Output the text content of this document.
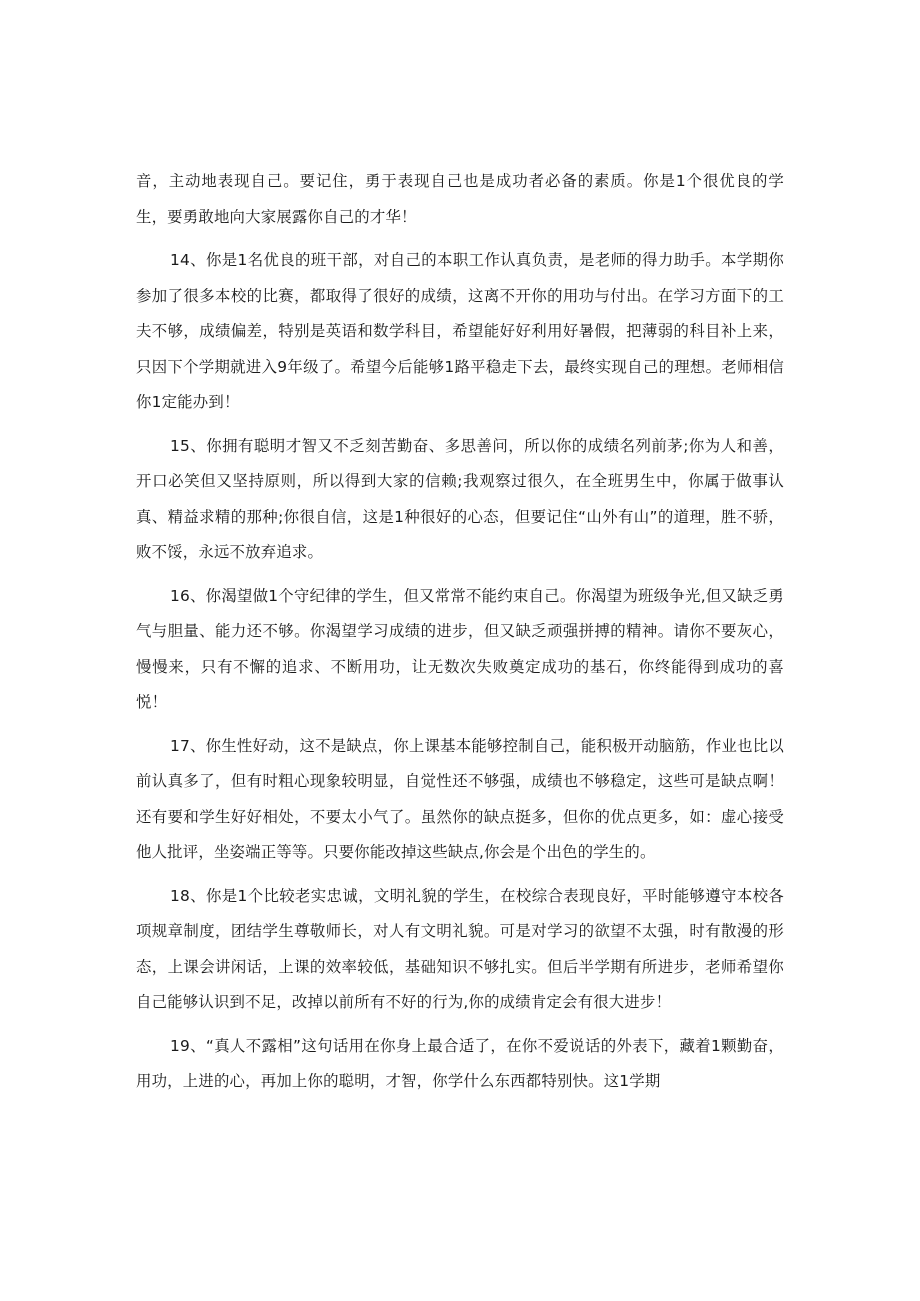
音，主动地表现自己。要记住，勇于表现自己也是成功者必备的素质。你是1个很优良的学生，要勇敢地向大家展露你自己的才华！

14、你是1名优良的班干部，对自己的本职工作认真负责，是老师的得力助手。本学期你参加了很多本校的比赛，都取得了很好的成绩，这离不开你的用功与付出。在学习方面下的工夫不够，成绩偏差，特别是英语和数学科目，希望能好好利用好暑假，把薄弱的科目补上来，只因下个学期就进入9年级了。希望今后能够1路平稳走下去，最终实现自己的理想。老师相信你1定能办到！

15、你拥有聪明才智又不乏刻苦勤奋、多思善问，所以你的成绩名列前茅;你为人和善，开口必笑但又坚持原则，所以得到大家的信赖;我观察过很久，在全班男生中，你属于做事认真、精益求精的那种;你很自信，这是1种很好的心态，但要记住“山外有山”的道理，胜不骄，败不馁，永远不放弃追求。

16、你渴望做1个守纪律的学生，但又常常不能约束自己。你渴望为班级争光,但又缺乏勇气与胆量、能力还不够。你渴望学习成绩的进步，但又缺乏顽强拼搏的精神。请你不要灰心，慢慢来，只有不懈的追求、不断用功，让无数次失败奠定成功的基石，你终能得到成功的喜悦！

17、你生性好动，这不是缺点，你上课基本能够控制自己，能积极开动脑筋，作业也比以前认真多了，但有时粗心现象较明显，自觉性还不够强，成绩也不够稳定，这些可是缺点啊！还有要和学生好好相处，不要太小气了。虽然你的缺点挺多，但你的优点更多，如：虚心接受他人批评，坐姿端正等等。只要你能改掉这些缺点,你会是个出色的学生的。

18、你是1个比较老实忠诚，文明礼貌的学生，在校综合表现良好，平时能够遵守本校各项规章制度，团结学生尊敬师长，对人有文明礼貌。可是对学习的欲望不太强，时有散漫的形态，上课会讲闲话，上课的效率较低，基础知识不够扎实。但后半学期有所进步，老师希望你自己能够认识到不足，改掉以前所有不好的行为,你的成绩肯定会有很大进步！

19、“真人不露相”这句话用在你身上最合适了，在你不爱说话的外表下，藏着1颗勤奋，用功，上进的心，再加上你的聪明，才智，你学什么东西都特别快。这1学期
